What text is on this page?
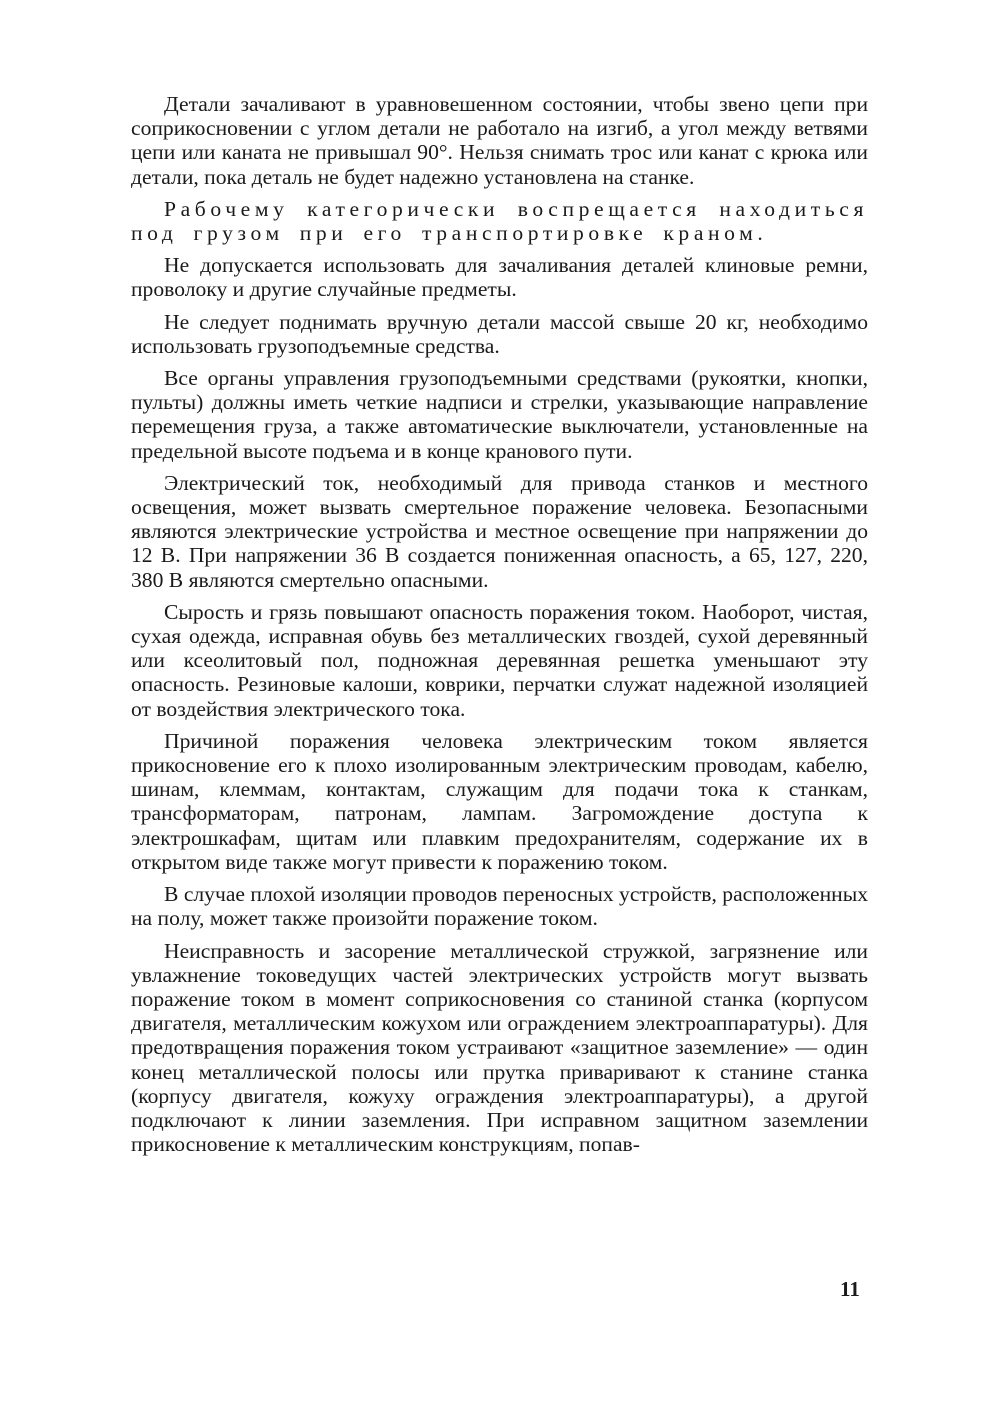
Детали зачаливают в уравновешенном состоянии, чтобы звено цепи при соприкосновении с углом детали не работало на изгиб, а угол между ветвями цепи или каната не привышал 90°. Нельзя снимать трос или канат с крюка или детали, пока деталь не будет надежно установлена на станке.

Рабочему категорически воспрещается находиться под грузом при его транспортировке краном.

Не допускается использовать для зачаливания деталей клиновые ремни, проволоку и другие случайные предметы.

Не следует поднимать вручную детали массой свыше 20 кг, необходимо использовать грузоподъемные средства.

Все органы управления грузоподъемными средствами (рукоятки, кнопки, пульты) должны иметь четкие надписи и стрелки, указывающие направление перемещения груза, а также автоматические выключатели, установленные на предельной высоте подъема и в конце кранового пути.

Электрический ток, необходимый для привода станков и местного освещения, может вызвать смертельное поражение человека. Безопасными являются электрические устройства и местное освещение при напряжении до 12 В. При напряжении 36 В создается пониженная опасность, а 65, 127, 220, 380 В являются смертельно опасными.

Сырость и грязь повышают опасность поражения током. Наоборот, чистая, сухая одежда, исправная обувь без металлических гвоздей, сухой деревянный или ксеолитовый пол, подножная деревянная решетка уменьшают эту опасность. Резиновые калоши, коврики, перчатки служат надежной изоляцией от воздействия электрического тока.

Причиной поражения человека электрическим током является прикосновение его к плохо изолированным электрическим проводам, кабелю, шинам, клеммам, контактам, служащим для подачи тока к станкам, трансформаторам, патронам, лампам. Загромождение доступа к электрошкафам, щитам или плавким предохранителям, содержание их в открытом виде также могут привести к поражению током.

В случае плохой изоляции проводов переносных устройств, расположенных на полу, может также произойти поражение током.

Неисправность и засорение металлической стружкой, загрязнение или увлажнение токоведущих частей электрических устройств могут вызвать поражение током в момент соприкосновения со станиной станка (корпусом двигателя, металлическим кожухом или ограждением электроаппаратуры). Для предотвращения поражения током устраивают «защитное заземление» — один конец металлической полосы или прутка приваривают к станине станка (корпусу двигателя, кожуху ограждения электроаппаратуры), а другой подключают к линии заземления. При исправном защитном заземлении прикосновение к металлическим конструкциям, попав-

11
